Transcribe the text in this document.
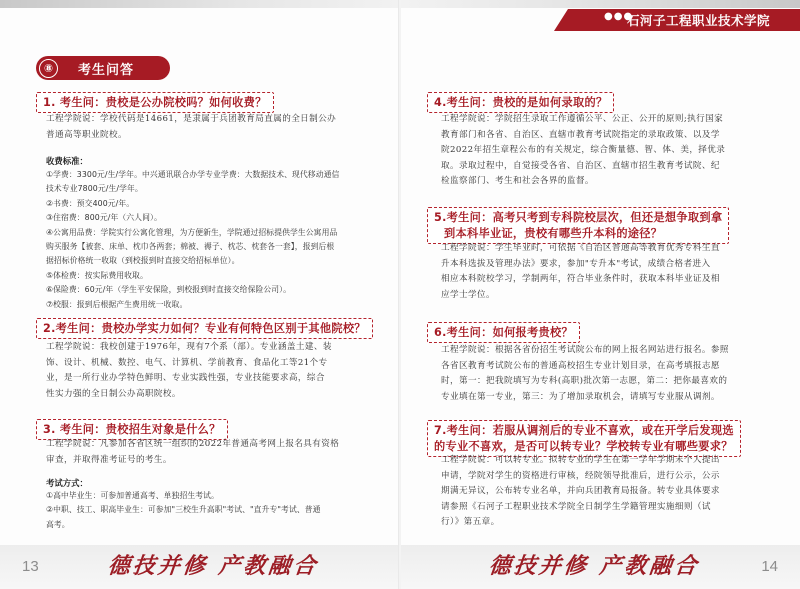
⑧	考生问答
1. 考生问：贵校是公办院校吗？如何收费？
工程学院说：学校代码是14661，是隶属于兵团教育局直属的全日制公办
普通高等职业院校。
收费标准：
①学费：3300元/生/学年。中兴通讯联合办学专业学费：大数据技术、现代移动通信
技术专业7800元/生/学年。
②书费：预交400元/年。
③住宿费：800元/年（六人间）。
④公寓用品费：学院实行公寓化管理，为方便新生，学院通过招标提供学生公寓用品
购买服务【被套、床单、枕巾各两套；棉被、褥子、枕芯、枕套各一套】，报到后根
据招标价格统一收取（到校报到时直接交给招标单位）。
⑤体检费：按实际费用收取。
⑥保险费：60元/年（学生平安保险，到校报到时直接交给保险公司）。
⑦校服：报到后根据产生费用统一收取。
2.考生问：贵校办学实力如何？专业有何特色区别于其他院校？
工程学院说：我校创建于1976年，现有7个系（部）。专业涵盖土建、装
饰、设计、机械、数控、电气、计算机、学前教育、食品化工等21个专
业，是一所行业办学特色鲜明、专业实践性强，专业技能要求高，综合
性实力强的全日制公办高职院校。
3. 考生问：贵校招生对象是什么？
工程学院说：凡参加各省区统一组织的2022年普通高考网上报名具有资格
审查，并取得准考证号的考生。
考试方式：
①高中毕业生：可参加普通高考、单独招生考试。
②中职、技工、职高毕业生：可参加"三校生升高职"考试、"直升专"考试、普通
高考。
13	德技并修 产教融合
4.考生问：贵校的是如何录取的？
工程学院说：学院招生录取工作遵循公平、公正、公开的原则;执行国家
教育部门和各省、自治区、直辖市教育考试院指定的录取政策、以及学
院2022年招生章程公布的有关规定，综合衡量德、智、体、美，择优录
取。录取过程中，自觉接受各省、自治区、直辖市招生教育考试院、纪
检监察部门、考生和社会各界的监督。
5.考生问：高考只考到专科院校层次，但还是想争取到拿
到本科毕业证，贵校有哪些升本科的途径？
工程学院说：学生毕业时，可依据《自治区普通高等教育优秀专科生直
升本科选拔及管理办法》要求，参加"专升本"考试，成绩合格者进入
相应本科院校学习，学制两年，符合毕业条件时，获取本科毕业证及相
应学士学位。
6.考生问：如何报考贵校？
工程学院说：根据各省份招生考试院公布的网上报名网站进行报名。参照
各省区教育考试院公布的普通高校招生专业计划目录，在高考填报志愿
时，第一：把我院填写为专科(高职)批次第一志愿，第二：把你最喜欢的
专业填在第一专业，第三：为了增加录取机会，请填写专业服从调剂。
7.考生问：若服从调剂后的专业不喜欢，或在开学后发现选
的专业不喜欢，是否可以转专业？学校转专业有哪些要求？
工程学院说：可以转专业。拟转专业的学生在第一学年学期末个人提出
申请，学院对学生的资格进行审核，经院领导批准后，进行公示，公示
期满无异议，公布转专业名单，并向兵团教育局报备。转专业具体要求
请参照《石河子工程职业技术学院全日制学生学籍管理实施细则（试
行）》第五章。
德技并修 产教融合	14
●●●
石河子工程职业技术学院
